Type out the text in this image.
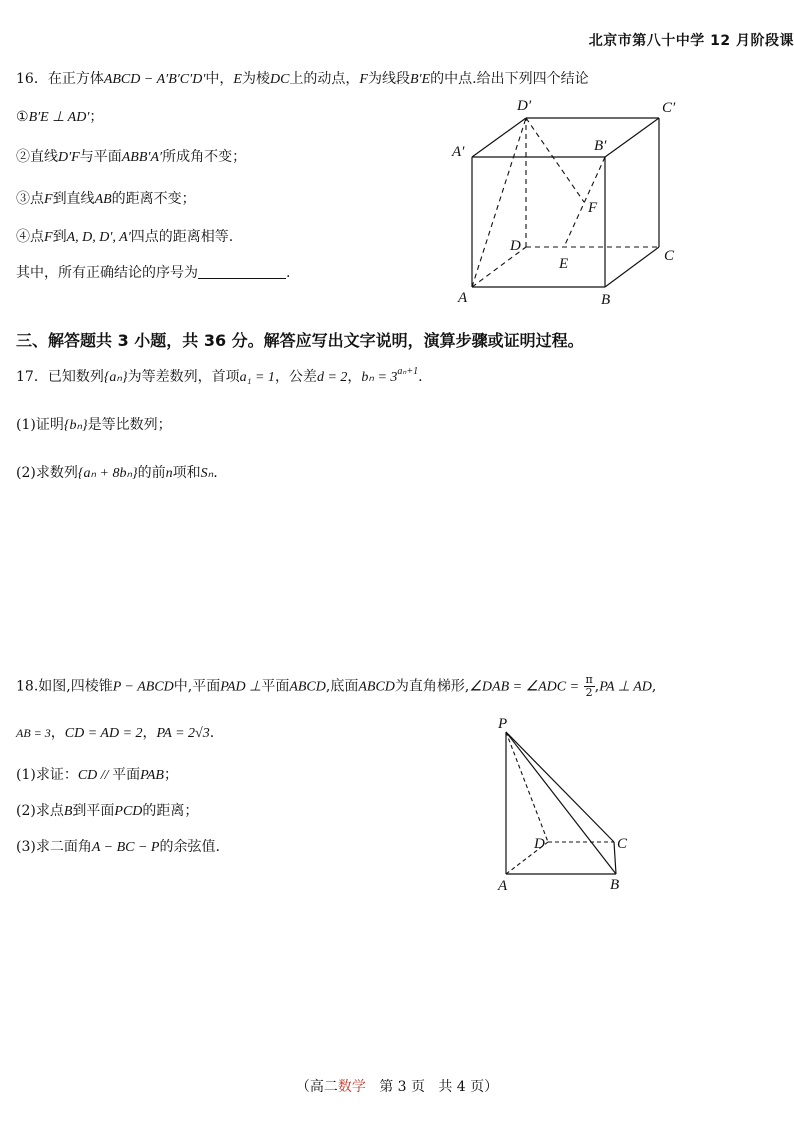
北京市第八十中学 12 月阶段课
16．在正方体ABCD − A′B′C′D′中，E为棱DC上的动点，F为线段B′E的中点.给出下列四个结论
①B′E ⊥ AD′；
②直线D′F与平面ABB′A′所成角不变；
③点F到直线AB的距离不变；
④点F到A, D, D′, A′四点的距离相等.
其中，所有正确结论的序号为	.
D′	C′
A′	B′
F
D
E	C
A	B
三、解答题共 3 小题，共 36 分。解答应写出文字说明，演算步骤或证明过程。
17．已知数列{aₙ}为等差数列，首项a₁ = 1，公差d = 2，$b_n = 3^{a_n+1}$.
(1)证明{bₙ}是等比数列；
(2)求数列{aₙ + 8bₙ}的前n项和Sₙ.
18.如图,四棱锥P − ABCD中,平面PAD ⊥平面ABCD,底面ABCD为直角梯形,∠DAB = ∠ADC = $\frac{\pi}{2} ,PA$ ⊥ AD,
AB = 3，CD = AD = 2，PA = 2√3.
(1)求证：CD // 平面PAB；
(2)求点B到平面PCD的距离；
(3)求二面角A − BC − P的余弦值.
P
D	C
A	B
（高二数学 第 3 页 共 4 页）
